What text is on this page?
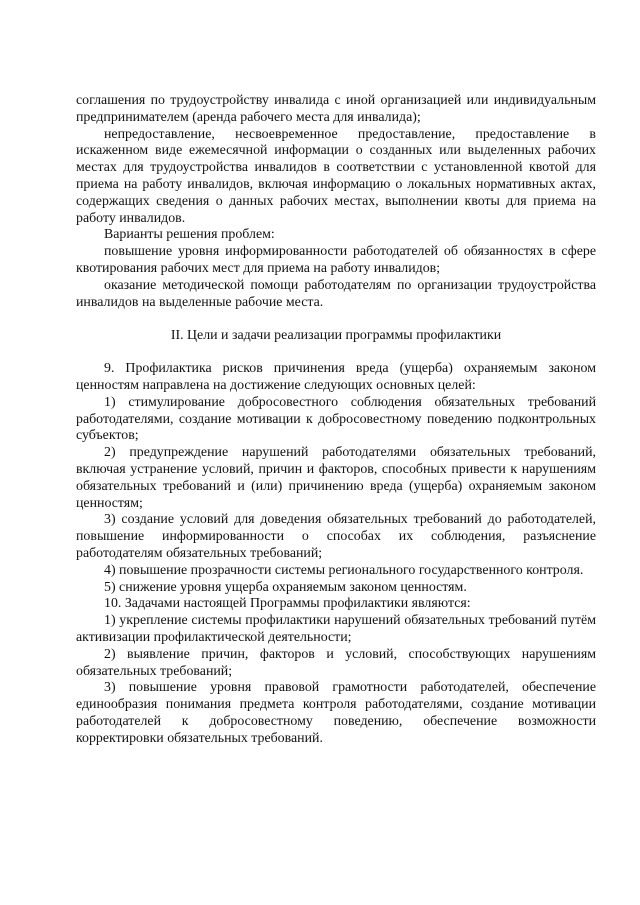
соглашения по трудоустройству инвалида с иной организацией или индивидуальным предпринимателем (аренда рабочего места для инвалида);

непредоставление, несвоевременное предоставление, предоставление в искаженном виде ежемесячной информации о созданных или выделенных рабочих местах для трудоустройства инвалидов в соответствии с установленной квотой для приема на работу инвалидов, включая информацию о локальных нормативных актах, содержащих сведения о данных рабочих местах, выполнении квоты для приема на работу инвалидов.

Варианты решения проблем:

повышение уровня информированности работодателей об обязанностях в сфере квотирования рабочих мест для приема на работу инвалидов;

оказание методической помощи работодателям по организации трудоустройства инвалидов на выделенные рабочие места.

II. Цели и задачи реализации программы профилактики

9. Профилактика рисков причинения вреда (ущерба) охраняемым законом ценностям направлена на достижение следующих основных целей:

1) стимулирование добросовестного соблюдения обязательных требований работодателями, создание мотивации к добросовестному поведению подконтрольных субъектов;

2) предупреждение нарушений работодателями обязательных требований, включая устранение условий, причин и факторов, способных привести к нарушениям обязательных требований и (или) причинению вреда (ущерба) охраняемым законом ценностям;

3) создание условий для доведения обязательных требований до работодателей, повышение информированности о способах их соблюдения, разъяснение работодателям обязательных требований;

4) повышение прозрачности системы регионального государственного контроля.

5) снижение уровня ущерба охраняемым законом ценностям.

10. Задачами настоящей Программы профилактики являются:

1) укрепление системы профилактики нарушений обязательных требований путём активизации профилактической деятельности;

2) выявление причин, факторов и условий, способствующих нарушениям обязательных требований;

3) повышение уровня правовой грамотности работодателей, обеспечение единообразия понимания предмета контроля работодателями, создание мотивации работодателей к добросовестному поведению, обеспечение возможности корректировки обязательных требований.
